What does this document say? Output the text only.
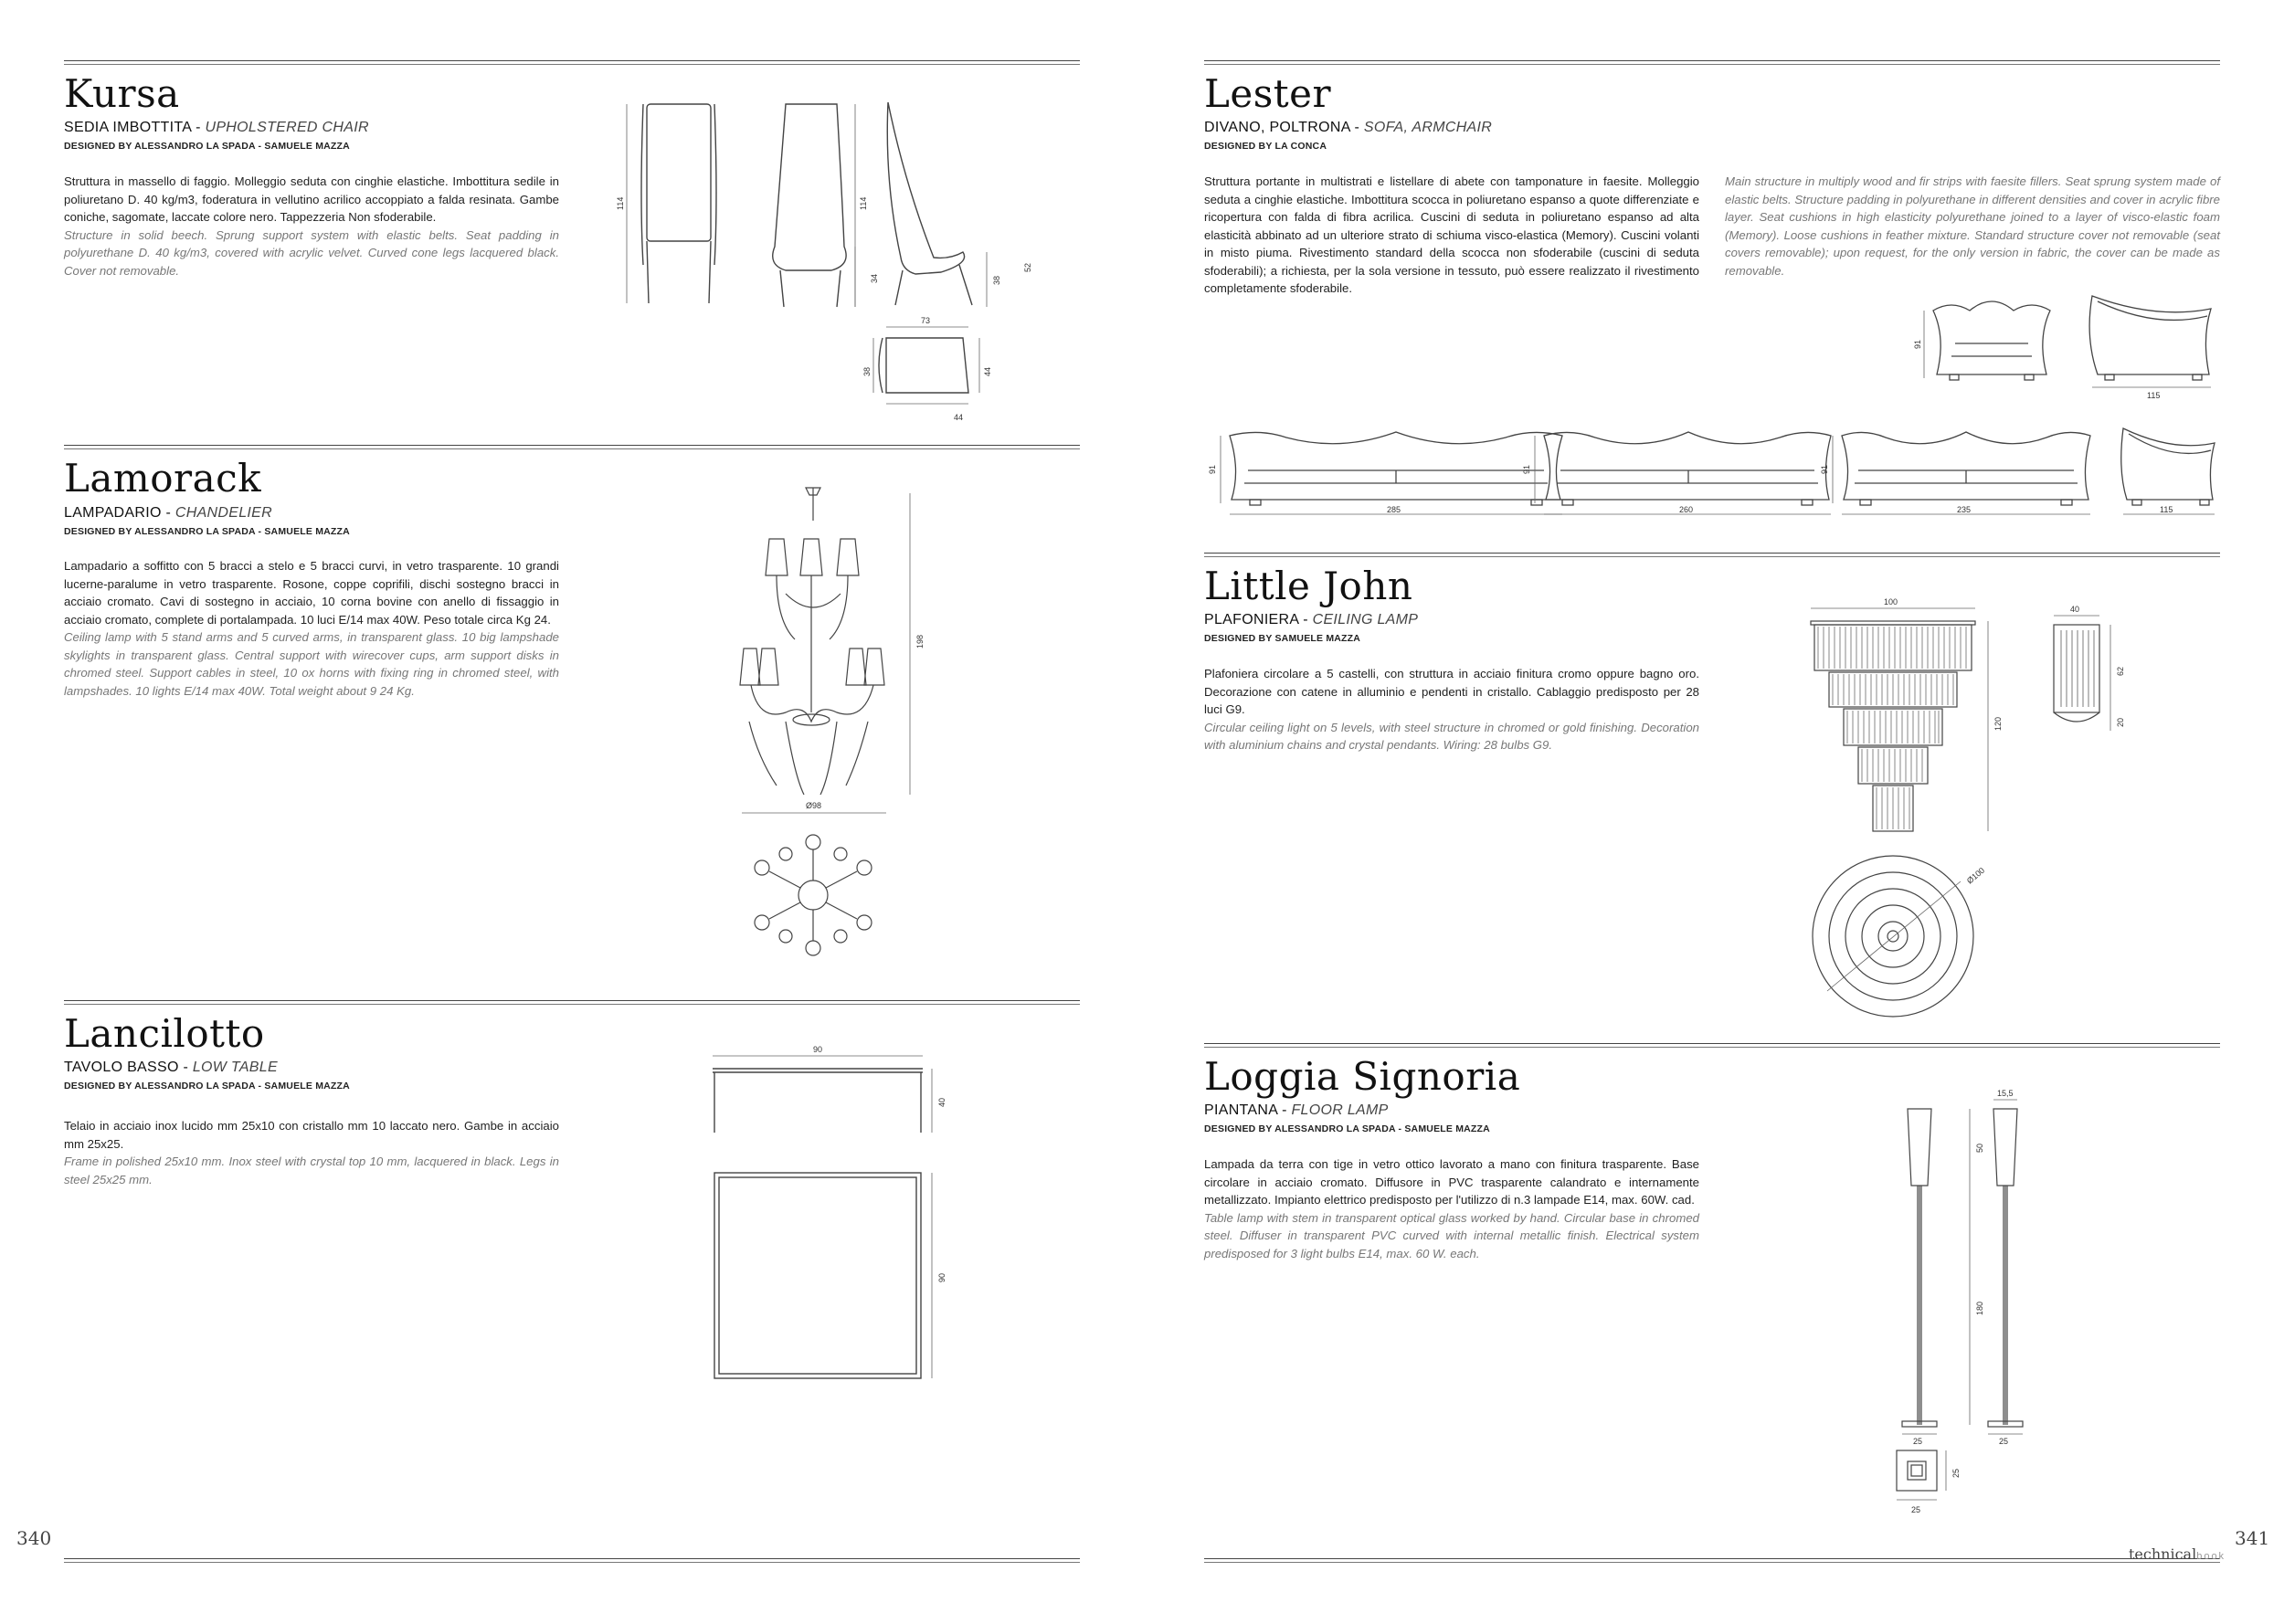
Kursa
SEDIA IMBOTTITA - UPHOLSTERED CHAIR
DESIGNED BY ALESSANDRO LA SPADA - SAMUELE MAZZA
Struttura in massello di faggio. Molleggio seduta con cinghie elastiche. Imbottitura sedile in poliuretano D. 40 kg/m3, foderatura in vellutino acrilico accoppiato a falda resinata. Gambe coniche, sagomate, laccate colore nero. Tappezzeria Non sfoderabile.
Structure in solid beech. Sprung support system with elastic belts. Seat padding in polyurethane D. 40 kg/m3, covered with acrylic velvet. Curved cone legs lacquered black. Cover not removable.
114	114
34	38
52
73
38	44
44
Lamorack
LAMPADARIO - CHANDELIER
DESIGNED BY ALESSANDRO LA SPADA - SAMUELE MAZZA
Lampadario a soffitto con 5 bracci a stelo e 5 bracci curvi, in vetro trasparente. 10 grandi lucerne-paralume in vetro trasparente. Rosone, coppe coprifili, dischi sostegno bracci in acciaio cromato. Cavi di sostegno in acciaio, 10 corna bovine con anello di fissaggio in acciaio cromato, complete di portalampada. 10 luci E/14 max 40W. Peso totale circa Kg 24.
Ceiling lamp with 5 stand arms and 5 curved arms, in transparent glass. 10 big lampshade skylights in transparent glass. Central support with wirecover cups, arm support disks in chromed steel. Support cables in steel, 10 ox horns with fixing ring in chromed steel, with lampshades. 10 lights E/14 max 40W. Total weight about 9 24 Kg.
198
Ø98
Lancilotto
TAVOLO BASSO - LOW TABLE
DESIGNED BY ALESSANDRO LA SPADA - SAMUELE MAZZA
Telaio in acciaio inox lucido mm 25x10 con cristallo mm 10 laccato nero. Gambe in acciaio mm 25x25.
Frame in polished 25x10 mm. Inox steel with crystal top 10 mm, lacquered in black. Legs in steel 25x25 mm.
90
40
90
Lester
DIVANO, POLTRONA - SOFA, ARMCHAIR
DESIGNED BY LA CONCA
Struttura portante in multistrati e listellare di abete con tamponature in faesite. Molleggio seduta a cinghie elastiche. Imbottitura scocca in poliuretano espanso a quote differenziate e ricopertura con falda di fibra acrilica. Cuscini di seduta in poliuretano espanso ad alta elasticità abbinato ad un ulteriore strato di schiuma visco-elastica (Memory). Cuscini volanti in misto piuma. Rivestimento standard della scocca non sfoderabile (cuscini di seduta sfoderabili); a richiesta, per la sola versione in tessuto, può essere realizzato il rivestimento completamente sfoderabile.
Main structure in multiply wood and fir strips with faesite fillers. Seat sprung system made of elastic belts. Structure padding in polyurethane in different densities and cover in acrylic fibre layer. Seat cushions in high elasticity polyurethane joined to a layer of visco-elastic foam (Memory). Loose cushions in feather mixture. Standard structure cover not removable (seat covers removable); upon request, for the only version in fabric, the cover can be made as removable.
91
115
91
285
91
260
91
235	115
Little John
PLAFONIERA - CEILING LAMP
DESIGNED BY SAMUELE MAZZA
Plafoniera circolare a 5 castelli, con struttura in acciaio finitura cromo oppure bagno oro. Decorazione con catene in alluminio e pendenti in cristallo. Cablaggio predisposto per 28 luci G9.
Circular ceiling light on 5 levels, with steel structure in chromed or gold finishing. Decoration with aluminium chains and crystal pendants. Wiring: 28 bulbs G9.
100
120
40
62
20
Ø100
Loggia Signoria
PIANTANA - FLOOR LAMP
DESIGNED BY ALESSANDRO LA SPADA - SAMUELE MAZZA
Lampada da terra con tige in vetro ottico lavorato a mano con finitura trasparente. Base circolare in acciaio cromato. Diffusore in PVC trasparente calandrato e internamente metallizzato. Impianto elettrico predisposto per l'utilizzo di n.3 lampade E14, max. 60W. cad.
Table lamp with stem in transparent optical glass worked by hand. Circular base in chromed steel. Diffuser in transparent PVC curved with internal metallic finish. Electrical system predisposed for 3 light bulbs E14, max. 60 W. each.
15,5
50
180
25	25
25
25
340	341
technicalbook
